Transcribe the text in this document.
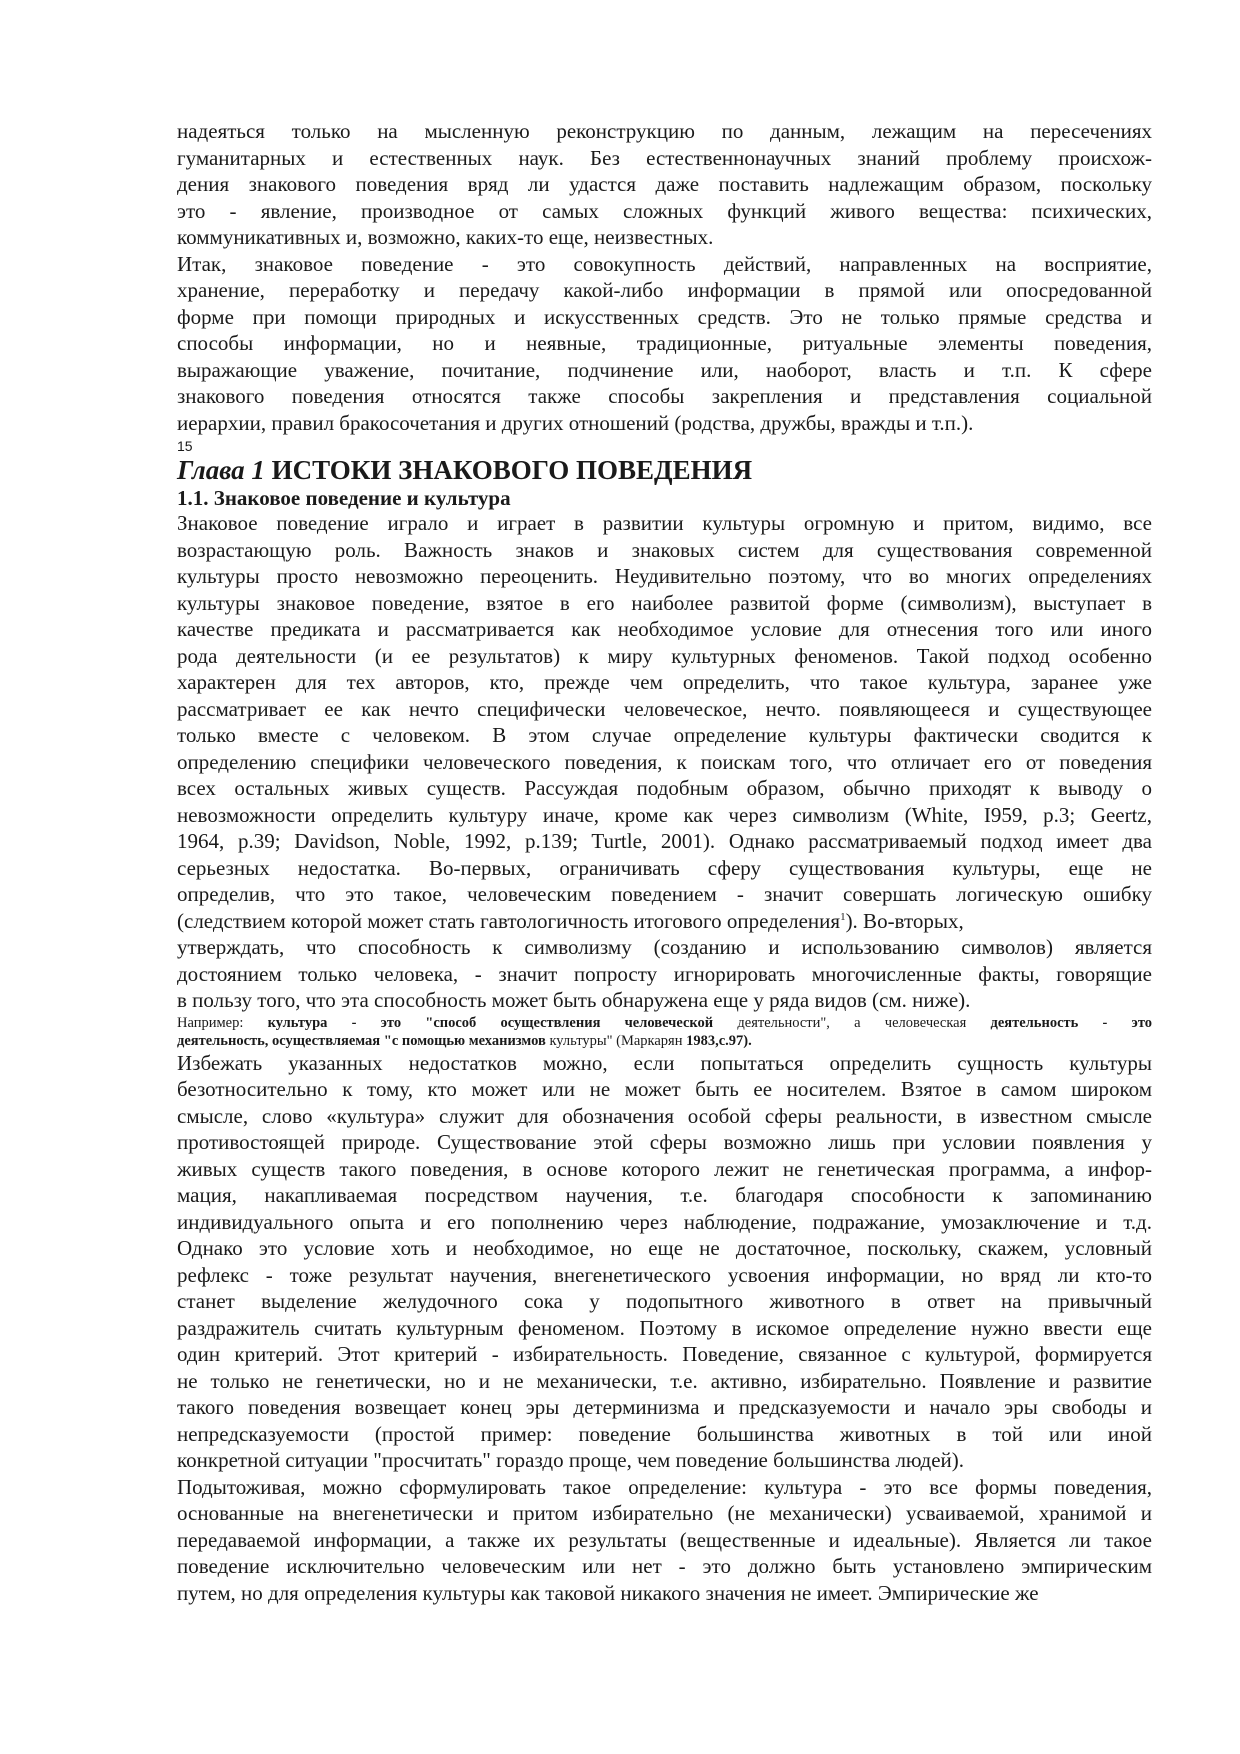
надеяться только на мысленную реконструкцию по данным, лежащим на пересечениях
гуманитарных и естественных наук. Без естественнонаучных знаний проблему происхож-
дения знакового поведения вряд ли удастся даже поставить надлежащим образом, поскольку
это - явление, производное от самых сложных функций живого вещества: психических,
коммуникативных и, возможно, каких-то еще, неизвестных.
Итак, знаковое поведение - это совокупность действий, направленных на восприятие,
хранение, переработку и передачу какой-либо информации в прямой или опосредованной
форме при помощи природных и искусственных средств. Это не только прямые средства и
способы информации, но и неявные, традиционные, ритуальные элементы поведения,
выражающие уважение, почитание, подчинение или, наоборот, власть и т.п. К сфере
знакового поведения относятся также способы закрепления и представления социальной
иерархии, правил бракосочетания и других отношений (родства, дружбы, вражды и т.п.).
15
Глава 1 ИСТОКИ ЗНАКОВОГО ПОВЕДЕНИЯ
1.1. Знаковое поведение и культура
Знаковое поведение играло и играет в развитии культуры огромную и притом, видимо, все
возрастающую роль. Важность знаков и знаковых систем для существования современной
культуры просто невозможно переоценить. Неудивительно поэтому, что во многих определениях
культуры знаковое поведение, взятое в его наиболее развитой форме (символизм), выступает в
качестве предиката и рассматривается как необходимое условие для отнесения того или иного
рода деятельности (и ее результатов) к миру культурных феноменов. Такой подход особенно
характерен для тех авторов, кто, прежде чем определить, что такое культура, заранее уже
рассматривает ее как нечто специфически человеческое, нечто. появляющееся и существующее
только вместе с человеком. В этом случае определение культуры фактически сводится к
определению специфики человеческого поведения, к поискам того, что отличает его от поведения
всех остальных живых существ. Рассуждая подобным образом, обычно приходят к выводу о
невозможности определить культуру иначе, кроме как через символизм (White, I959, p.3; Geertz,
1964, p.39; Davidson, Noble, 1992, p.139; Turtle, 2001). Однако рассматриваемый подход имеет два
серьезных недостатка. Во-первых, ограничивать сферу существования культуры, еще не
определив, что это такое, человеческим поведением - значит совершать логическую ошибку
(следствием которой может стать гавтологичность итогового определения$^1$). Во-вторых,
утверждать, что способность к символизму (созданию и использованию символов) является
достоянием только человека, - значит попросту игнорировать многочисленные факты, говорящие
в пользу того, что эта способность может быть обнаружена еще у ряда видов (см. ниже).
Например: культура - это "способ осуществления человеческой деятельности", а человеческая деятельность - это
деятельность, осуществляемая "с помощью механизмов культуры" (Маркарян 1983,с.97).
Избежать указанных недостатков можно, если попытаться определить сущность культуры
безотносительно к тому, кто может или не может быть ее носителем. Взятое в самом широком
смысле, слово «культура» служит для обозначения особой сферы реальности, в известном смысле
противостоящей природе. Существование этой сферы возможно лишь при условии появления у
живых существ такого поведения, в основе которого лежит не генетическая программа, а инфор-
мация, накапливаемая посредством научения, т.е. благодаря способности к запоминанию
индивидуального опыта и его пополнению через наблюдение, подражание, умозаключение и т.д.
Однако это условие хоть и необходимое, но еще не достаточное, поскольку, скажем, условный
рефлекс - тоже результат научения, внегенетического усвоения информации, но вряд ли кто-то
станет выделение желудочного сока у подопытного животного в ответ на привычный
раздражитель считать культурным феноменом. Поэтому в искомое определение нужно ввести еще
один критерий. Этот критерий - избирательность. Поведение, связанное с культурой, формируется
не только не генетически, но и не механически, т.е. активно, избирательно. Появление и развитие
такого поведения возвещает конец эры детерминизма и предсказуемости и начало эры свободы и
непредсказуемости (простой пример: поведение большинства животных в той или иной
конкретной ситуации "просчитать" гораздо проще, чем поведение большинства людей).
Подытоживая, можно сформулировать такое определение: культура - это все формы поведения,
основанные на внегенетически и притом избирательно (не механически) усваиваемой, хранимой и
передаваемой информации, а также их результаты (вещественные и идеальные). Является ли такое
поведение исключительно человеческим или нет - это должно быть установлено эмпирическим
путем, но для определения культуры как таковой никакого значения не имеет. Эмпирические же
